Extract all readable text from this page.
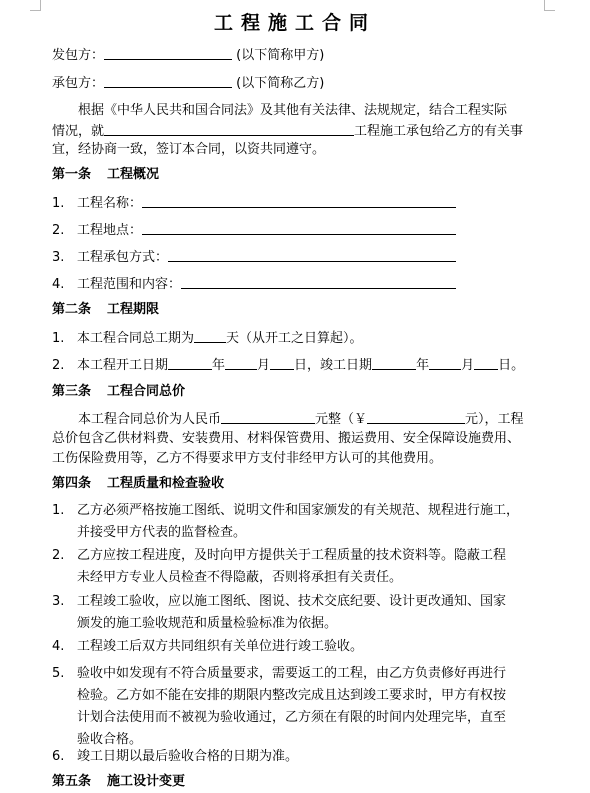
工程施工合同
发包方：	(以下简称甲方)
承包方：	(以下简称乙方)
根据《中华人民共和国合同法》及其他有关法律、法规规定，结合工程实际
情况，就	工程施工承包给乙方的有关事
宜，经协商一致，签订本合同，以资共同遵守。
第一条 工程概况
1. 工程名称：
2. 工程地点：
3. 工程承包方式：
4. 工程范围和内容：
第二条 工程期限
1. 本工程合同总工期为 天（从开工之日算起）。
2. 本工程开工日期	年 月 日，竣工日期	年 月 日。
第三条 工程合同总价
本工程合同总价为人民币	元整（￥	元），工程
总价包含乙供材料费、安装费用、材料保管费用、搬运费用、安全保障设施费用、
工伤保险费用等，乙方不得要求甲方支付非经甲方认可的其他费用。
第四条 工程质量和检查验收
1. 乙方必须严格按施工图纸、说明文件和国家颁发的有关规范、规程进行施工，
并接受甲方代表的监督检查。
2. 乙方应按工程进度，及时向甲方提供关于工程质量的技术资料等。隐蔽工程
未经甲方专业人员检查不得隐蔽，否则将承担有关责任。
3. 工程竣工验收，应以施工图纸、图说、技术交底纪要、设计更改通知、国家
颁发的施工验收规范和质量检验标准为依据。
4. 工程竣工后双方共同组织有关单位进行竣工验收。
5. 验收中如发现有不符合质量要求，需要返工的工程，由乙方负责修好再进行
检验。乙方如不能在安排的期限内整改完成且达到竣工要求时，甲方有权按
计划合法使用而不被视为验收通过，乙方须在有限的时间内处理完毕，直至
验收合格。
6. 竣工日期以最后验收合格的日期为准。
第五条 施工设计变更
